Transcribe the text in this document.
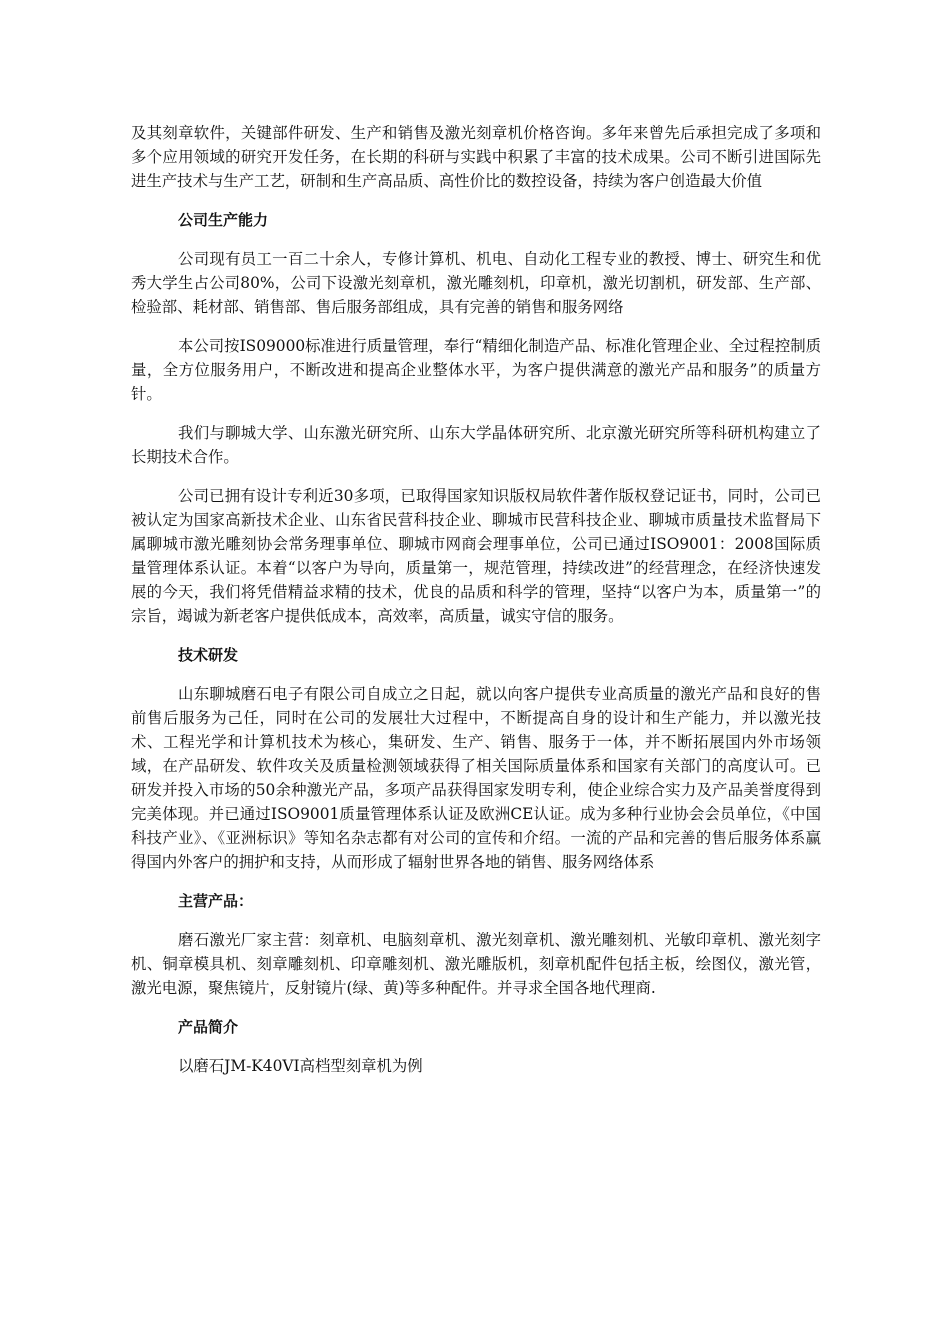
及其刻章软件，关键部件研发、生产和销售及激光刻章机价格咨询。多年来曾先后承担完成了多项和多个应用领域的研究开发任务，在长期的科研与实践中积累了丰富的技术成果。公司不断引进国际先进生产技术与生产工艺，研制和生产高品质、高性价比的数控设备，持续为客户创造最大价值

公司生产能力

公司现有员工一百二十余人，专修计算机、机电、自动化工程专业的教授、博士、研究生和优秀大学生占公司80%，公司下设激光刻章机，激光雕刻机，印章机，激光切割机，研发部、生产部、检验部、耗材部、销售部、售后服务部组成，具有完善的销售和服务网络

本公司按IS09000标准进行质量管理，奉行“精细化制造产品、标准化管理企业、全过程控制质量，全方位服务用户，不断改进和提高企业整体水平，为客户提供满意的激光产品和服务”的质量方针。

我们与聊城大学、山东激光研究所、山东大学晶体研究所、北京激光研究所等科研机构建立了长期技术合作。

公司已拥有设计专利近30多项，已取得国家知识版权局软件著作版权登记证书，同时，公司已被认定为国家高新技术企业、山东省民营科技企业、聊城市民营科技企业、聊城市质量技术监督局下属聊城市激光雕刻协会常务理事单位、聊城市网商会理事单位，公司已通过ISO9001：2008国际质量管理体系认证。本着“以客户为导向，质量第一，规范管理，持续改进”的经营理念，在经济快速发展的今天，我们将凭借精益求精的技术，优良的品质和科学的管理，坚持“以客户为本，质量第一”的宗旨，竭诚为新老客户提供低成本，高效率，高质量，诚实守信的服务。

技术研发

山东聊城磨石电子有限公司自成立之日起，就以向客户提供专业高质量的激光产品和良好的售前售后服务为己任，同时在公司的发展壮大过程中，不断提高自身的设计和生产能力，并以激光技术、工程光学和计算机技术为核心，集研发、生产、销售、服务于一体，并不断拓展国内外市场领域，在产品研发、软件攻关及质量检测领域获得了相关国际质量体系和国家有关部门的高度认可。已研发并投入市场的50余种激光产品，多项产品获得国家发明专利，使企业综合实力及产品美誉度得到完美体现。并已通过ISO9001质量管理体系认证及欧洲CE认证。成为多种行业协会会员单位，《中国科技产业》、《亚洲标识》等知名杂志都有对公司的宣传和介绍。一流的产品和完善的售后服务体系赢得国内外客户的拥护和支持，从而形成了辐射世界各地的销售、服务网络体系

主营产品：

磨石激光厂家主营：刻章机、电脑刻章机、激光刻章机、激光雕刻机、光敏印章机、激光刻字机、铜章模具机、刻章雕刻机、印章雕刻机、激光雕版机，刻章机配件包括主板，绘图仪，激光管，激光电源，聚焦镜片，反射镜片(绿、黄)等多种配件。并寻求全国各地代理商.

产品简介

以磨石JM-K40VI高档型刻章机为例
